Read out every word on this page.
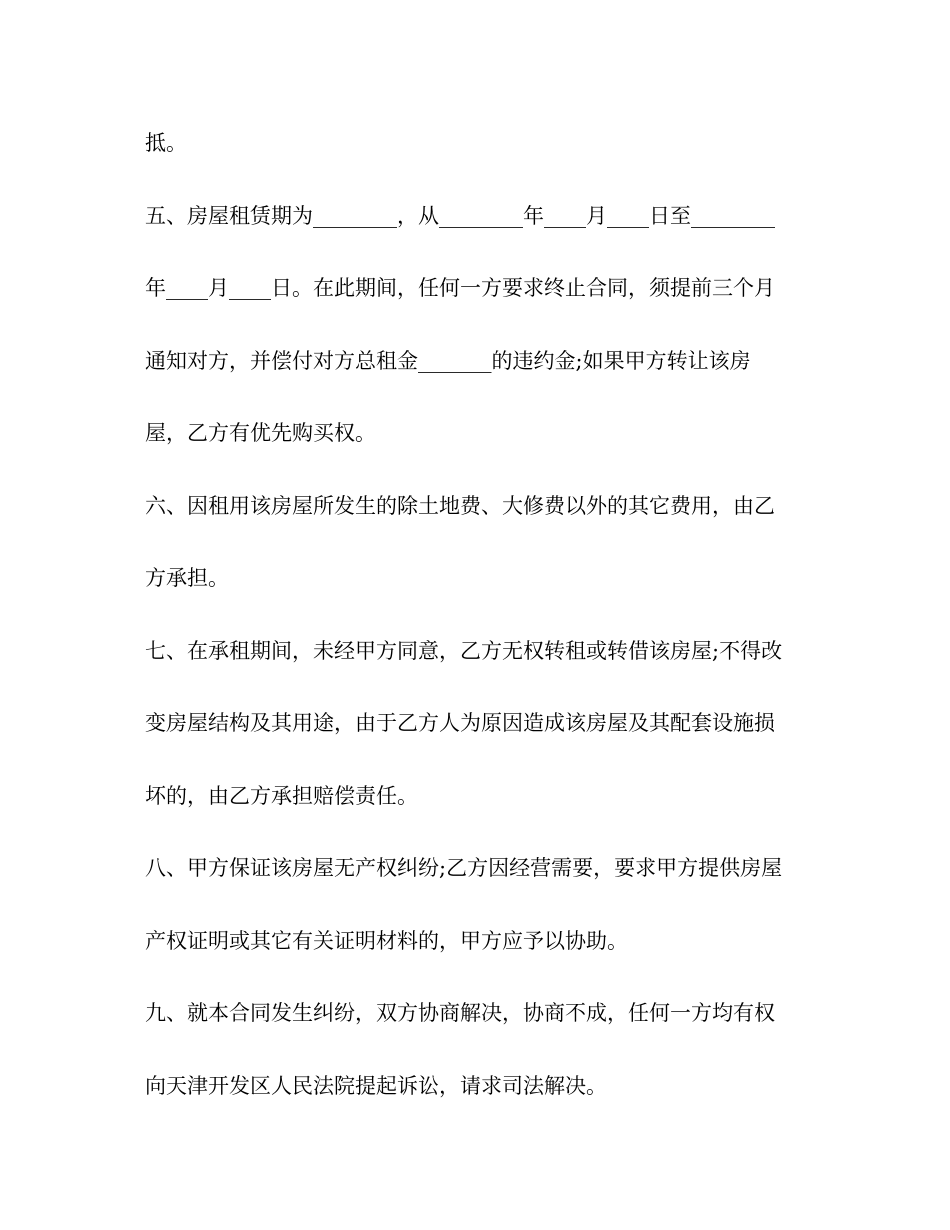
抵。
五、房屋租赁期为________，从________年____月____日至________
年____月____日。在此期间，任何一方要求终止合同，须提前三个月
通知对方，并偿付对方总租金_______的违约金;如果甲方转让该房
屋，乙方有优先购买权。
六、因租用该房屋所发生的除土地费、大修费以外的其它费用，由乙
方承担。
七、在承租期间，未经甲方同意，乙方无权转租或转借该房屋;不得改
变房屋结构及其用途，由于乙方人为原因造成该房屋及其配套设施损
坏的，由乙方承担赔偿责任。
八、甲方保证该房屋无产权纠纷;乙方因经营需要，要求甲方提供房屋
产权证明或其它有关证明材料的，甲方应予以协助。
九、就本合同发生纠纷，双方协商解决，协商不成，任何一方均有权
向天津开发区人民法院提起诉讼，请求司法解决。
